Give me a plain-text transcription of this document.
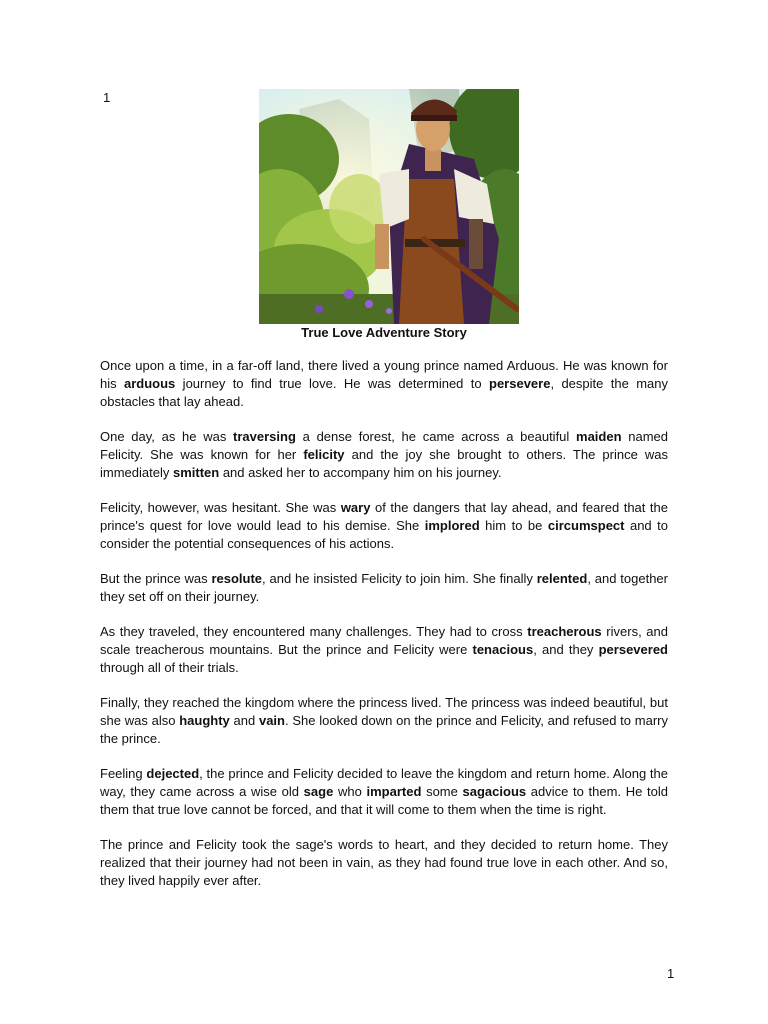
1
True Love Adventure Story

Once upon a time, in a far-off land, there lived a young prince named Arduous. He was known for his arduous journey to find true love. He was determined to persevere, despite the many obstacles that lay ahead.

One day, as he was traversing a dense forest, he came across a beautiful maiden named Felicity. She was known for her felicity and the joy she brought to others. The prince was immediately smitten and asked her to accompany him on his journey.

Felicity, however, was hesitant. She was wary of the dangers that lay ahead, and feared that the prince's quest for love would lead to his demise. She implored him to be circumspect and to consider the potential consequences of his actions.

But the prince was resolute, and he insisted Felicity to join him. She finally relented, and together they set off on their journey.

As they traveled, they encountered many challenges. They had to cross treacherous rivers, and scale treacherous mountains. But the prince and Felicity were tenacious, and they persevered through all of their trials.

Finally, they reached the kingdom where the princess lived. The princess was indeed beautiful, but she was also haughty and vain. She looked down on the prince and Felicity, and refused to marry the prince.

Feeling dejected, the prince and Felicity decided to leave the kingdom and return home. Along the way, they came across a wise old sage who imparted some sagacious advice to them. He told them that true love cannot be forced, and that it will come to them when the time is right.

The prince and Felicity took the sage's words to heart, and they decided to return home. They realized that their journey had not been in vain, as they had found true love in each other. And so, they lived happily ever after.

1
